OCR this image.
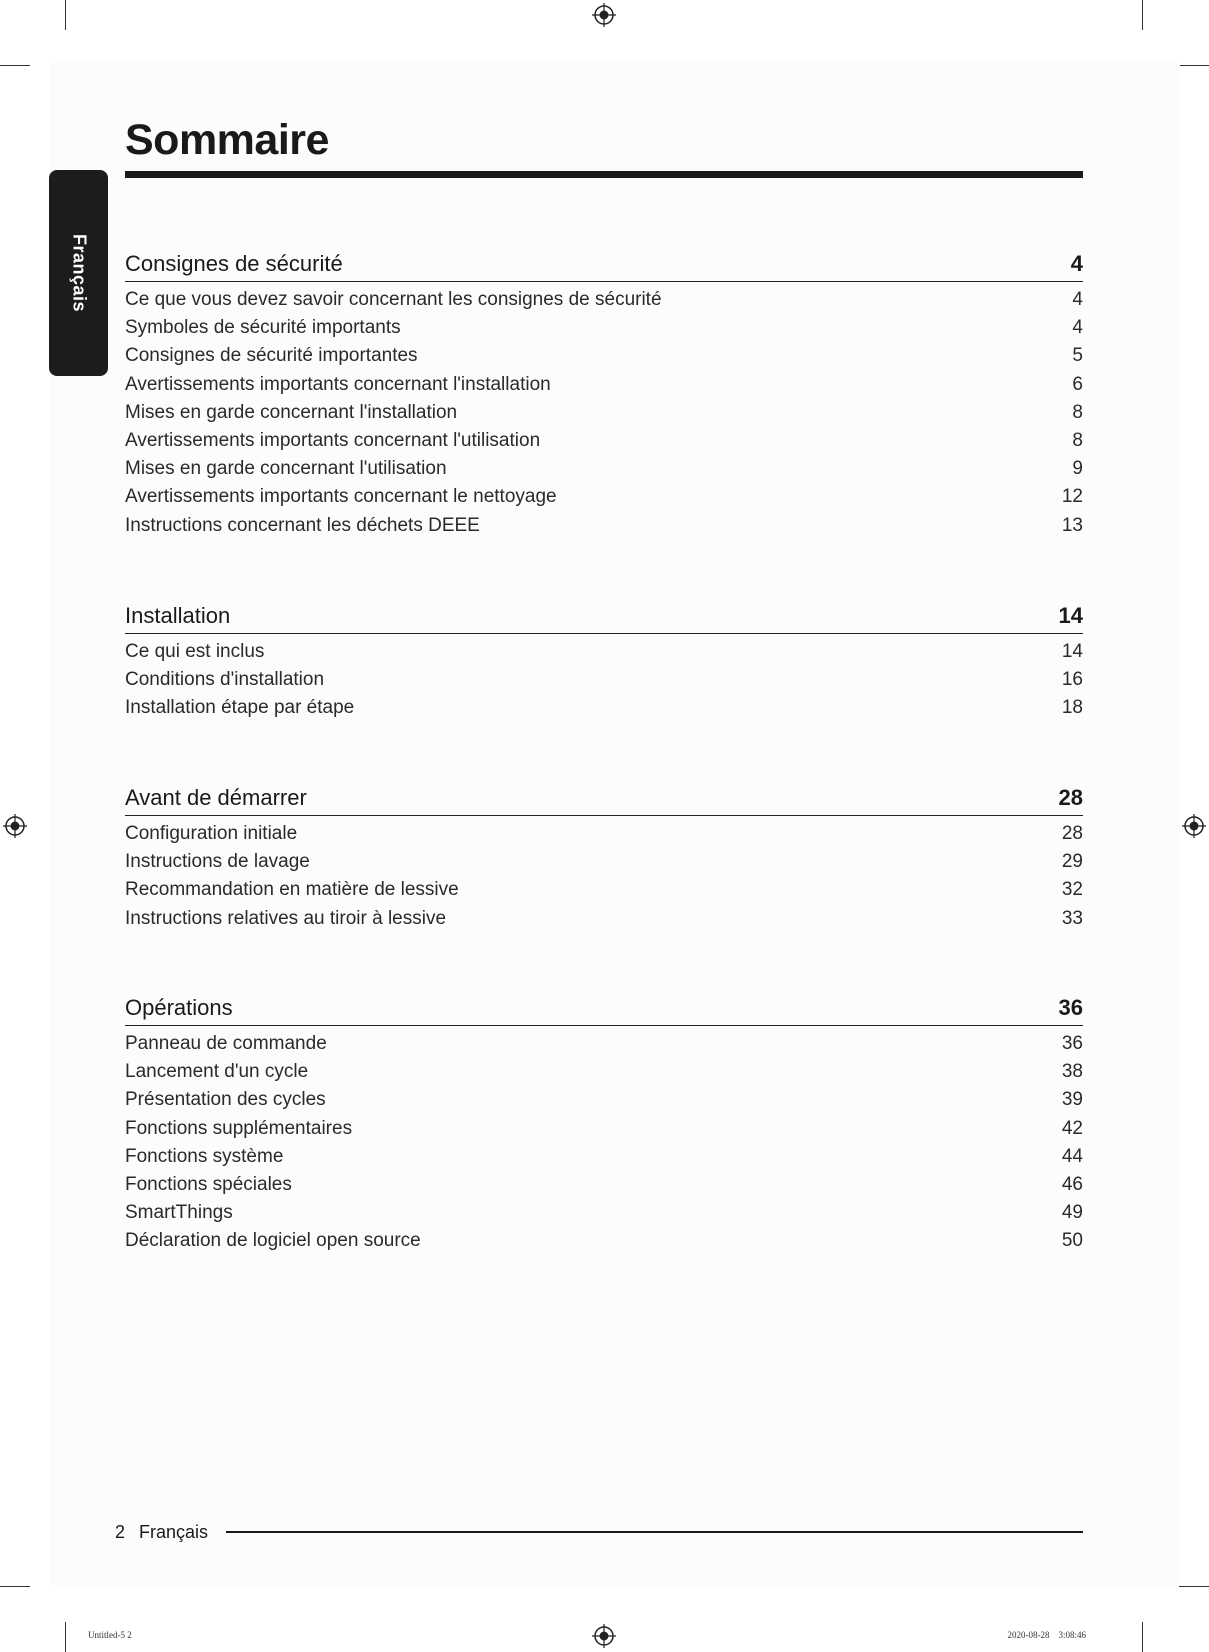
Français
Sommaire
Consignes de sécurité	4
Ce que vous devez savoir concernant les consignes de sécurité	4
Symboles de sécurité importants	4
Consignes de sécurité importantes	5
Avertissements importants concernant l'installation	6
Mises en garde concernant l'installation	8
Avertissements importants concernant l'utilisation	8
Mises en garde concernant l'utilisation	9
Avertissements importants concernant le nettoyage	12
Instructions concernant les déchets DEEE	13
Installation	14
Ce qui est inclus	14
Conditions d'installation	16
Installation étape par étape	18
Avant de démarrer	28
Configuration initiale	28
Instructions de lavage	29
Recommandation en matière de lessive	32
Instructions relatives au tiroir à lessive	33
Opérations	36
Panneau de commande	36
Lancement d'un cycle	38
Présentation des cycles	39
Fonctions supplémentaires	42
Fonctions système	44
Fonctions spéciales	46
SmartThings	49
Déclaration de logiciel open source	50
2 Français
Untitled-5 2	2020-08-28    3:08:46
